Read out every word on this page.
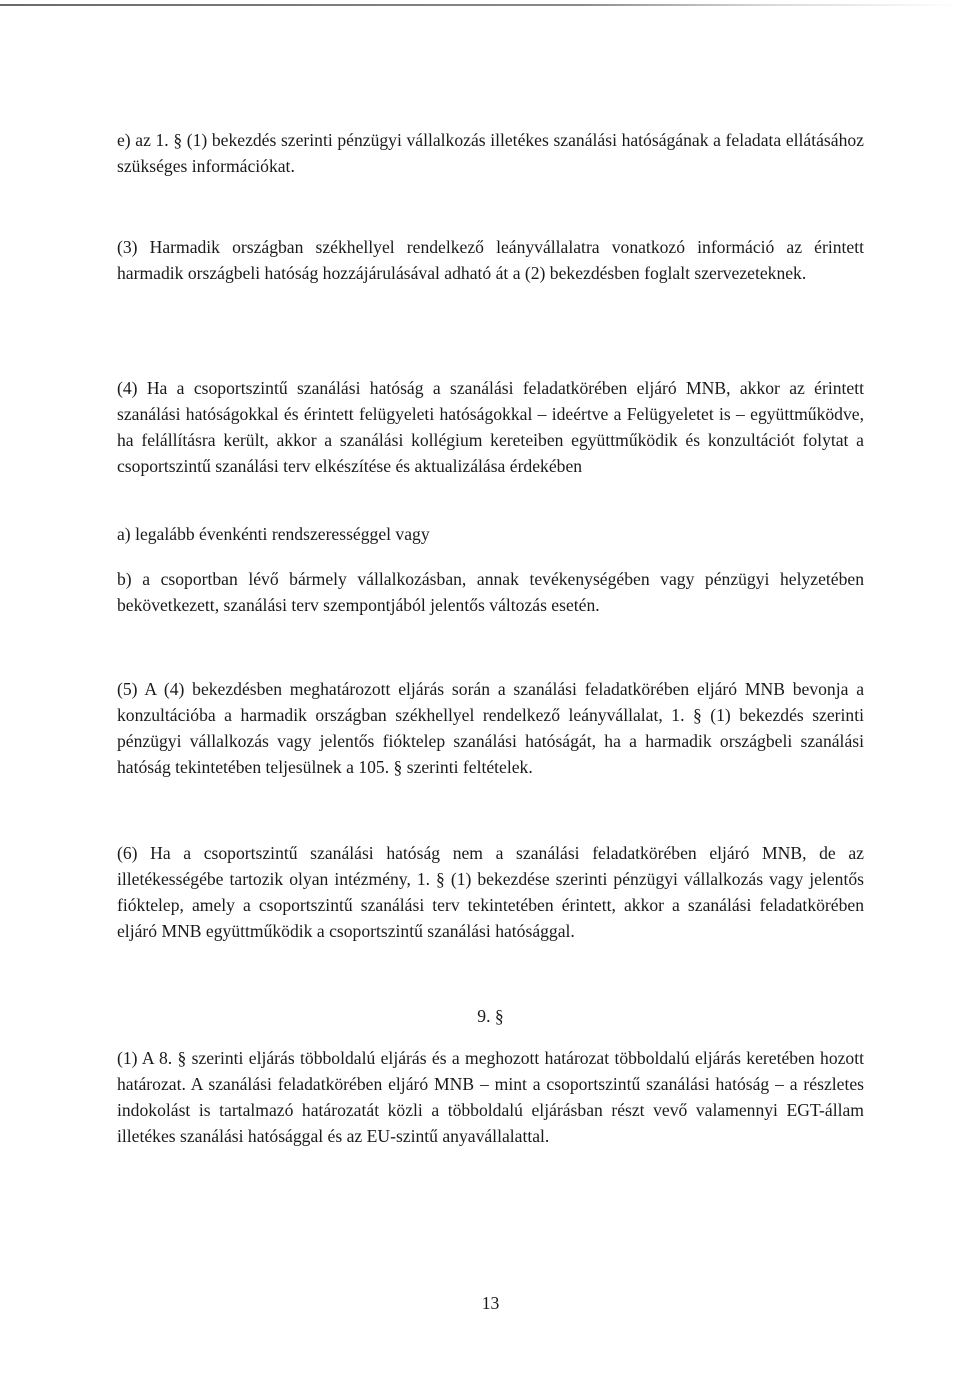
e) az 1. § (1) bekezdés szerinti pénzügyi vállalkozás illetékes szanálási hatóságának a feladata ellátásához szükséges információkat.

(3) Harmadik országban székhellyel rendelkező leányvállalatra vonatkozó információ az érintett harmadik országbeli hatóság hozzájárulásával adható át a (2) bekezdésben foglalt szervezeteknek.

(4) Ha a csoportszintű szanálási hatóság a szanálási feladatkörében eljáró MNB, akkor az érintett szanálási hatóságokkal és érintett felügyeleti hatóságokkal – ideértve a Felügyeletet is – együttműködve, ha felállításra került, akkor a szanálási kollégium kereteiben együttműködik és konzultációt folytat a csoportszintű szanálási terv elkészítése és aktualizálása érdekében

a) legalább évenkénti rendszerességgel vagy

b) a csoportban lévő bármely vállalkozásban, annak tevékenységében vagy pénzügyi helyzetében bekövetkezett, szanálási terv szempontjából jelentős változás esetén.

(5) A (4) bekezdésben meghatározott eljárás során a szanálási feladatkörében eljáró MNB bevonja a konzultációba a harmadik országban székhellyel rendelkező leányvállalat, 1. § (1) bekezdés szerinti pénzügyi vállalkozás vagy jelentős fióktelep szanálási hatóságát, ha a harmadik országbeli szanálási hatóság tekintetében teljesülnek a 105. § szerinti feltételek.

(6) Ha a csoportszintű szanálási hatóság nem a szanálási feladatkörében eljáró MNB, de az illetékességébe tartozik olyan intézmény, 1. § (1) bekezdése szerinti pénzügyi vállalkozás vagy jelentős fióktelep, amely a csoportszintű szanálási terv tekintetében érintett, akkor a szanálási feladatkörében eljáró MNB együttműködik a csoportszintű szanálási hatósággal.

9. §

(1) A 8. § szerinti eljárás többoldalú eljárás és a meghozott határozat többoldalú eljárás keretében hozott határozat. A szanálási feladatkörében eljáró MNB – mint a csoportszintű szanálási hatóság – a részletes indokolást is tartalmazó határozatát közli a többoldalú eljárásban részt vevő valamennyi EGT-állam illetékes szanálási hatósággal és az EU-szintű anyavállalattal.

13
